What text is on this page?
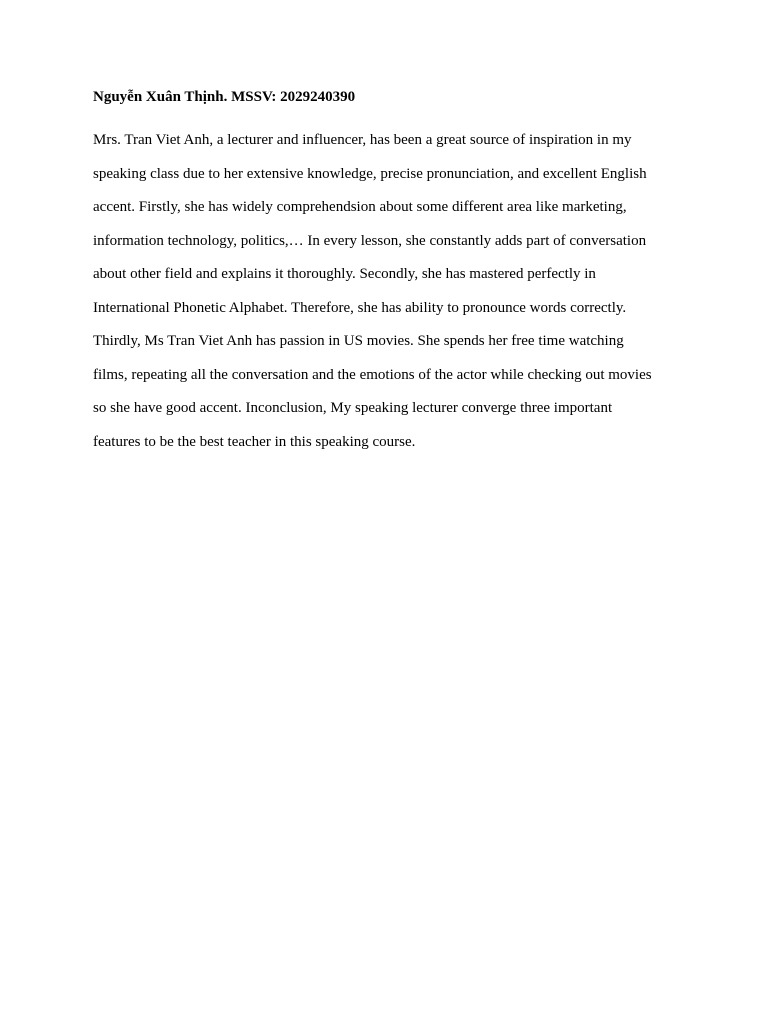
Nguyễn Xuân Thịnh. MSSV: 2029240390
Mrs. Tran Viet Anh, a lecturer and influencer, has been a great source of inspiration in my
speaking class due to her extensive knowledge, precise pronunciation, and excellent English
accent. Firstly, she has widely comprehendsion about some different area like marketing,
information technology, politics,… In every lesson, she constantly adds part of conversation
about other field and explains it thoroughly. Secondly, she has mastered perfectly in
International Phonetic Alphabet. Therefore, she has ability to pronounce words correctly.
Thirdly, Ms Tran Viet Anh has passion in US movies. She spends her free time watching
films, repeating all the conversation and the emotions of the actor while checking out movies
so she have good accent. Inconclusion, My speaking lecturer converge three important
features to be the best teacher in this speaking course.
